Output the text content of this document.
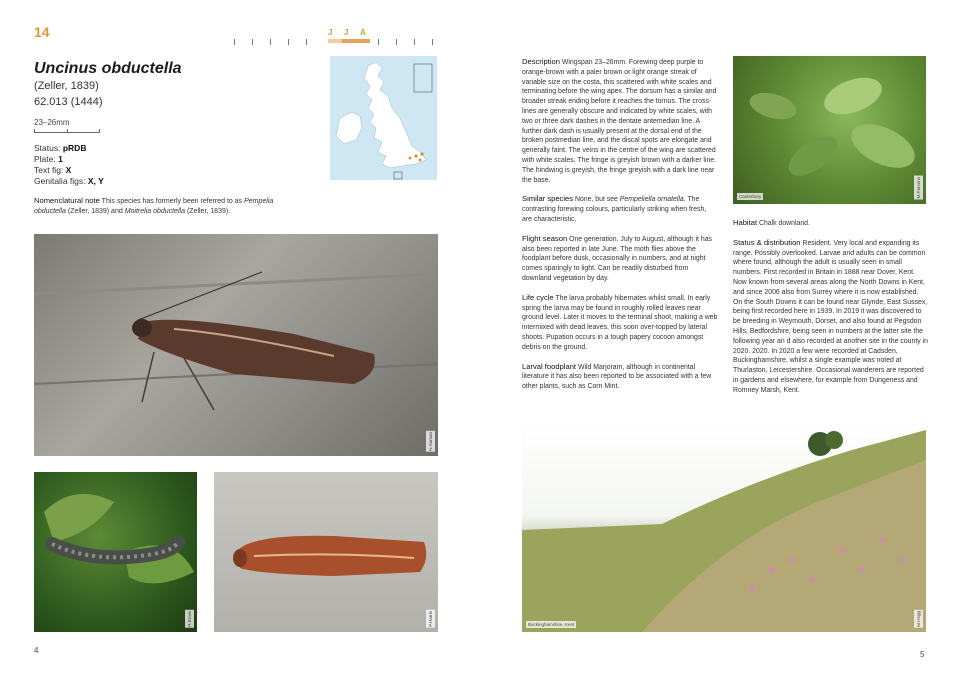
14	J J A
Uncinus obductella
(Zeller, 1839)
62.013 (1444)
23–26mm
Status: pRDB
Plate: 1
Text fig: X
Genitalia figs: X, Y
Nomenclatural note This species has formerly been referred to as Pempelia obductella (Zeller, 1839) and Moitrelia obductella (Zeller, 1839).
N.Saman
R.Bowe	P.Harris
4

Description Wingspan 23–26mm. Forewing deep purple to orange-brown with a paler brown or light orange streak of variable size on the costa, this scattered with white scales and terminating before the wing apex. The dorsum has a similar and broader streak ending before it reaches the tornus. The cross-lines are generally obscure and indicated by white scales, with two or three dark dashes in the dentate antemedian line. A further dark dash is usually present at the dorsal end of the broken postmedian line, and the discal spots are elongate and generally faint. The veins in the centre of the wing are scattered with white scales. The fringe is greyish brown with a darker line. The hindwing is greyish, the fringe greyish with a dark line near the base.

Similar species None, but see Pempeliella ornatella. The contrasting forewing colours, particularly striking when fresh, are characteristic.

Flight season One generation. July to August, although it has also been reported in late June. The moth flies above the foodplant before dusk, occasionally in numbers, and at night comes sparingly to light. Can be readily disturbed from downland vegetation by day.

Life cycle The larva probably hibernates whilst small. In early spring the larva may be found in roughly rolled leaves near ground level. Later it moves to the terminal shoot, making a web intermixed with dead leaves, this soon over-topped by lateral shoots. Pupation occurs in a tough papery cocoon amongst debris on the ground.

Larval foodplant Wild Marjoram, although in continental literature it has also been reported to be associated with a few other plants, such as Corn Mint.

Canterbury	M.Parsons

Habitat Chalk downland.

Status & distribution Resident. Very local and expanding its range. Possibly overlooked. Larvae and adults can be common where found, although the adult is usually seen in small numbers. First recorded in Britain in 1888 near Dover, Kent. Now known from several areas along the North Downs in Kent, and since 2006 also from Surrey where it is now established. On the South Downs it can be found near Glynde, East Sussex, being first recorded here in 1939. In 2019 it was discovered to be breeding in Weymouth, Dorset, and also found at Pegsdon Hills, Bedfordshire, being seen in numbers at the latter site the following year an d also recorded at another site in the county in 2020. 2020. In 2020 a few were recorded at Cadsden, Buckinghamshire, whilst a single example was noted at Thurlaston, Leicestershire. Occasional wanderers are reported in gardens and elsewhere, for example from Dungeness and Romney Marsh, Kent.

Buckinghamshire, Kent	M.Hogg
5
